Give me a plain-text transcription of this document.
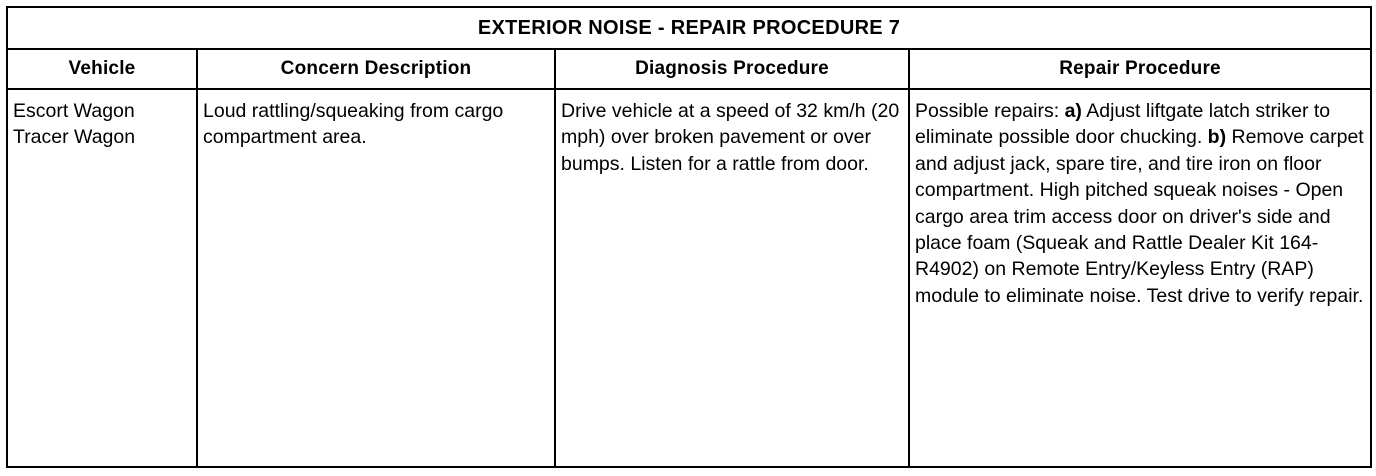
EXTERIOR NOISE - REPAIR PROCEDURE 7			
Vehicle	Concern Description	Diagnosis Procedure	Repair Procedure

Escort Wagon
Tracer Wagon	Loud rattling/squeaking from cargo compartment area.	Drive vehicle at a speed of 32 km/h (20 mph) over broken pavement or over bumps. Listen for a rattle from door.	Possible repairs: a) Adjust liftgate latch striker to eliminate possible door chucking. b) Remove carpet and adjust jack, spare tire, and tire iron on floor compartment. High pitched squeak noises - Open cargo area trim access door on driver's side and place foam (Squeak and Rattle Dealer Kit 164-R4902) on Remote Entry/Keyless Entry (RAP) module to eliminate noise. Test drive to verify repair.
